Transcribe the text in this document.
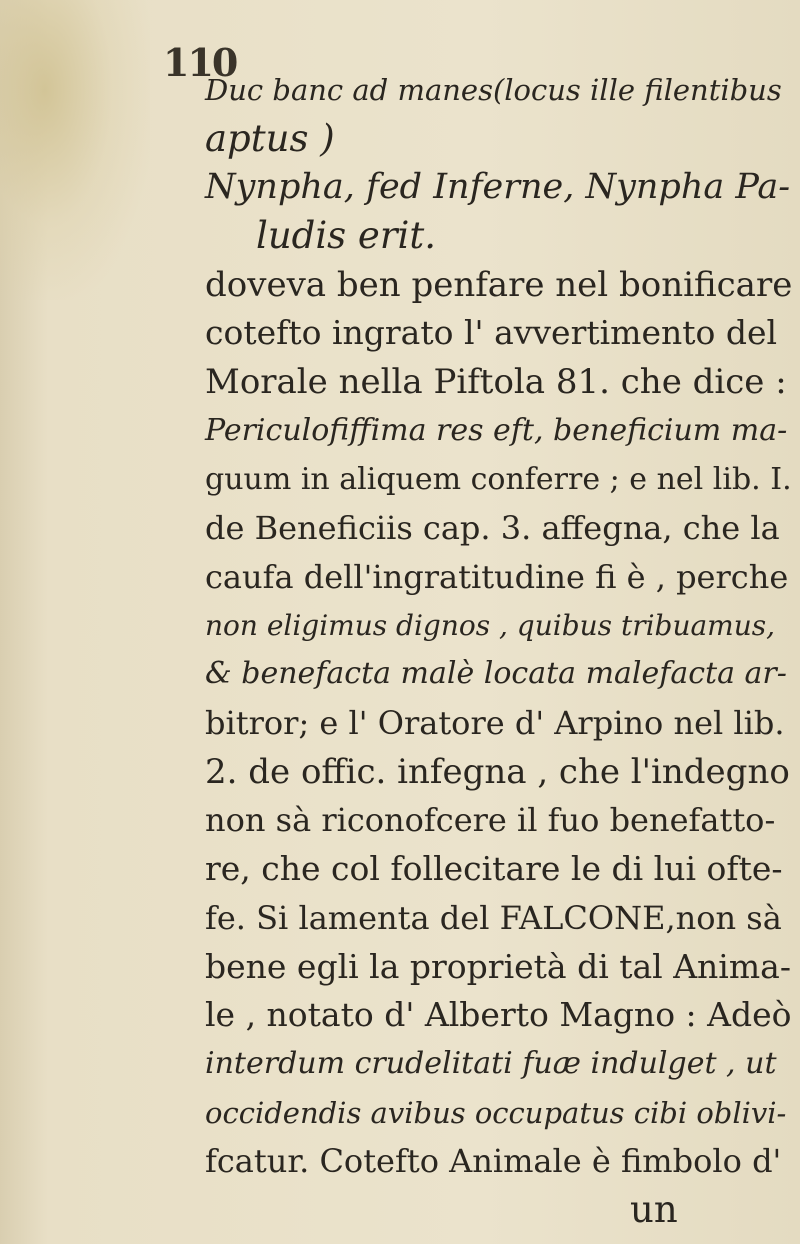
110
Duc banc ad manes(locus ille filentibus
aptus )
Nynpha, fed Inferne, Nynpha Pa-
ludis erit.
doveva ben penfare nel bonificare
cotefto ingrato l' avvertimento del
Morale nella Piftola 81. che dice :
Periculofiffima res eft, beneficium ma-
guum in aliquem conferre ; e nel lib. I.
de Beneficiis cap. 3. affegna, che la
caufa dell'ingratitudine fi è , perche
non eligimus dignos , quibus tribuamus,
& benefacta malè locata malefacta ar-
bitror; e l' Oratore d' Arpino nel lib.
2. de offic. infegna , che l'indegno
non sà riconofcere il fuo benefatto-
re, che col follecitare le di lui ofte-
fe. Si lamenta del FALCONE,non sà
bene egli la proprietà di tal Anima-
le , notato d' Alberto Magno : Adeò
interdum crudelitati fuæ indulget , ut
occidendis avibus occupatus cibi oblivi-
fcatur. Cotefto Animale è fimbolo d'
un
